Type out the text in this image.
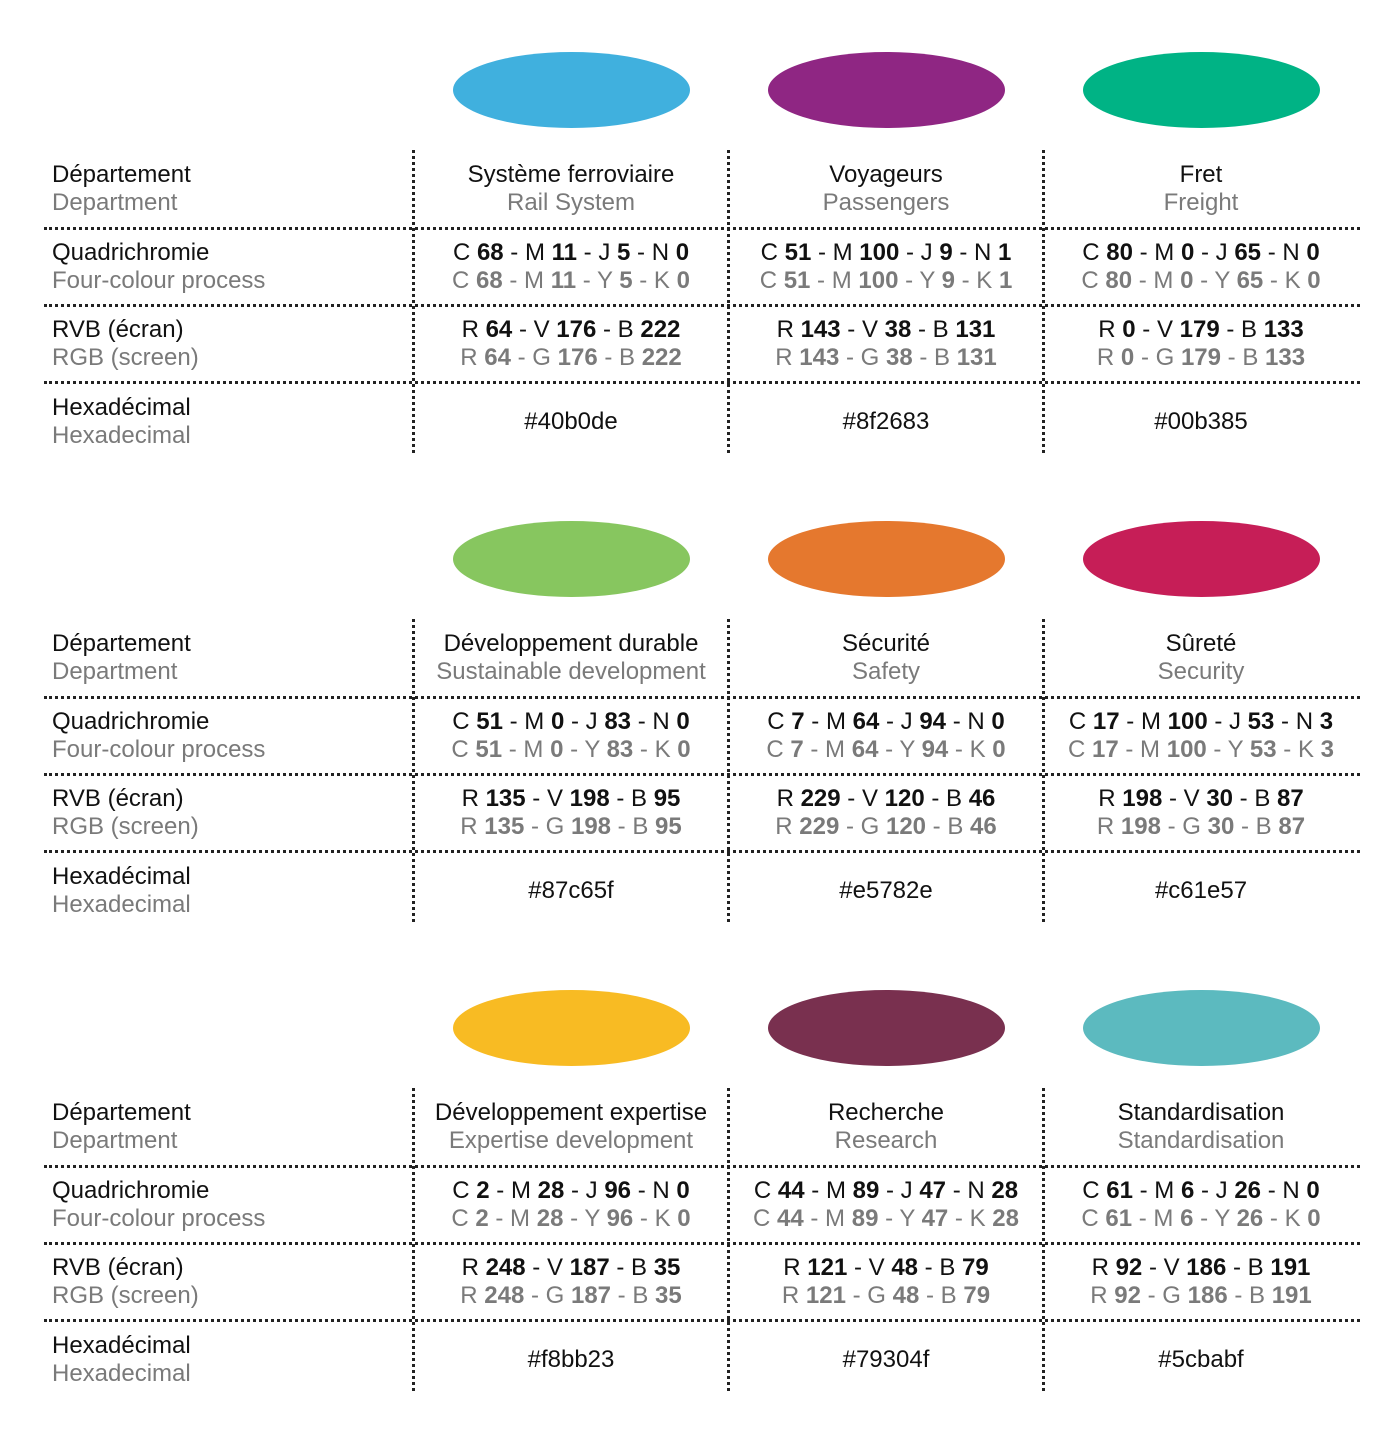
Département
Department
Quadrichromie
Four-colour process
RVB (écran)
RGB (screen)
Hexadécimal
Hexadecimal
Système ferroviaire
Rail System
C 68 - M 11 - J 5 - N 0
C 68 - M 11 - Y 5 - K 0
R 64 - V 176 - B 222
R 64 - G 176 - B 222
#40b0de
Voyageurs
Passengers
C 51 - M 100 - J 9 - N 1
C 51 - M 100 - Y 9 - K 1
R 143 - V 38 - B 131
R 143 - G 38 - B 131
#8f2683
Fret
Freight
C 80 - M 0 - J 65 - N 0
C 80 - M 0 - Y 65 - K 0
R 0 - V 179 - B 133
R 0 - G 179 - B 133
#00b385
Département
Department
Quadrichromie
Four-colour process
RVB (écran)
RGB (screen)
Hexadécimal
Hexadecimal
Développement durable
Sustainable development
C 51 - M 0 - J 83 - N 0
C 51 - M 0 - Y 83 - K 0
R 135 - V 198 - B 95
R 135 - G 198 - B 95
#87c65f
Sécurité
Safety
C 7 - M 64 - J 94 - N 0
C 7 - M 64 - Y 94 - K 0
R 229 - V 120 - B 46
R 229 - G 120 - B 46
#e5782e
Sûreté
Security
C 17 - M 100 - J 53 - N 3
C 17 - M 100 - Y 53 - K 3
R 198 - V 30 - B 87
R 198 - G 30 - B 87
#c61e57
Département
Department
Quadrichromie
Four-colour process
RVB (écran)
RGB (screen)
Hexadécimal
Hexadecimal
Développement expertise
Expertise development
C 2 - M 28 - J 96 - N 0
C 2 - M 28 - Y 96 - K 0
R 248 - V 187 - B 35
R 248 - G 187 - B 35
#f8bb23
Recherche
Research
C 44 - M 89 - J 47 - N 28
C 44 - M 89 - Y 47 - K 28
R 121 - V 48 - B 79
R 121 - G 48 - B 79
#79304f
Standardisation
Standardisation
C 61 - M 6 - J 26 - N 0
C 61 - M 6 - Y 26 - K 0
R 92 - V 186 - B 191
R 92 - G 186 - B 191
#5cbabf
